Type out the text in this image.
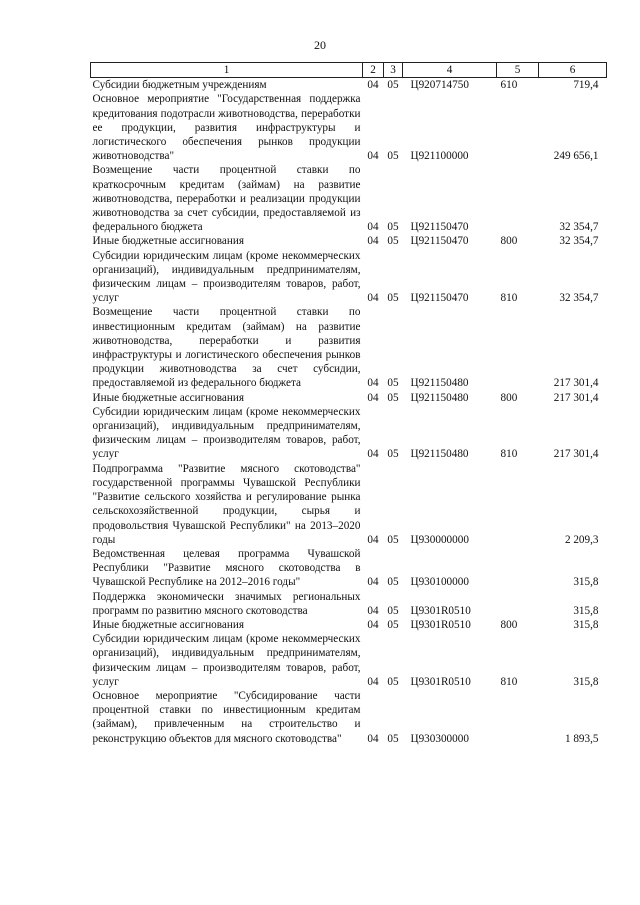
20
1	2	3	4	5	6
Субсидии бюджетным учреждениям	04	05	Ц920714750	610	719,4
Основное мероприятие "Государственная поддержка кредитования подотрасли животноводства, переработки ее продукции, развития инфраструктуры и логистического обеспечения рынков продукции животноводства"	04	05	Ц921100000		249 656,1
Возмещение части процентной ставки по краткосрочным кредитам (займам) на развитие животноводства, переработки и реализации продукции животноводства за счет субсидии, предоставляемой из федерального бюджета	04	05	Ц921150470		32 354,7
Иные бюджетные ассигнования	04	05	Ц921150470	800	32 354,7
Субсидии юридическим лицам (кроме некоммерческих организаций), индивидуальным предпринимателям, физическим лицам – производителям товаров, работ, услуг	04	05	Ц921150470	810	32 354,7
Возмещение части процентной ставки по инвестиционным кредитам (займам) на развитие животноводства, переработки и развития инфраструктуры и логистического обеспечения рынков продукции животноводства за счет субсидии, предоставляемой из федерального бюджета	04	05	Ц921150480		217 301,4
Иные бюджетные ассигнования	04	05	Ц921150480	800	217 301,4
Субсидии юридическим лицам (кроме некоммерческих организаций), индивидуальным предпринимателям, физическим лицам – производителям товаров, работ, услуг	04	05	Ц921150480	810	217 301,4
Подпрограмма "Развитие мясного скотоводства" государственной программы Чувашской Республики "Развитие сельского хозяйства и регулирование рынка сельскохозяйственной продукции, сырья и продовольствия Чувашской Республики" на 2013–2020 годы	04	05	Ц930000000		2 209,3
Ведомственная целевая программа Чувашской Республики "Развитие мясного скотоводства в Чувашской Республике на 2012–2016 годы"	04	05	Ц930100000		315,8
Поддержка экономически значимых региональных программ по развитию мясного скотоводства	04	05	Ц9301R0510		315,8
Иные бюджетные ассигнования	04	05	Ц9301R0510	800	315,8
Субсидии юридическим лицам (кроме некоммерческих организаций), индивидуальным предпринимателям, физическим лицам – производителям товаров, работ, услуг	04	05	Ц9301R0510	810	315,8
Основное мероприятие "Субсидирование части процентной ставки по инвестиционным кредитам (займам), привлеченным на строительство и реконструкцию объектов для мясного скотоводства"	04	05	Ц930300000		1 893,5
